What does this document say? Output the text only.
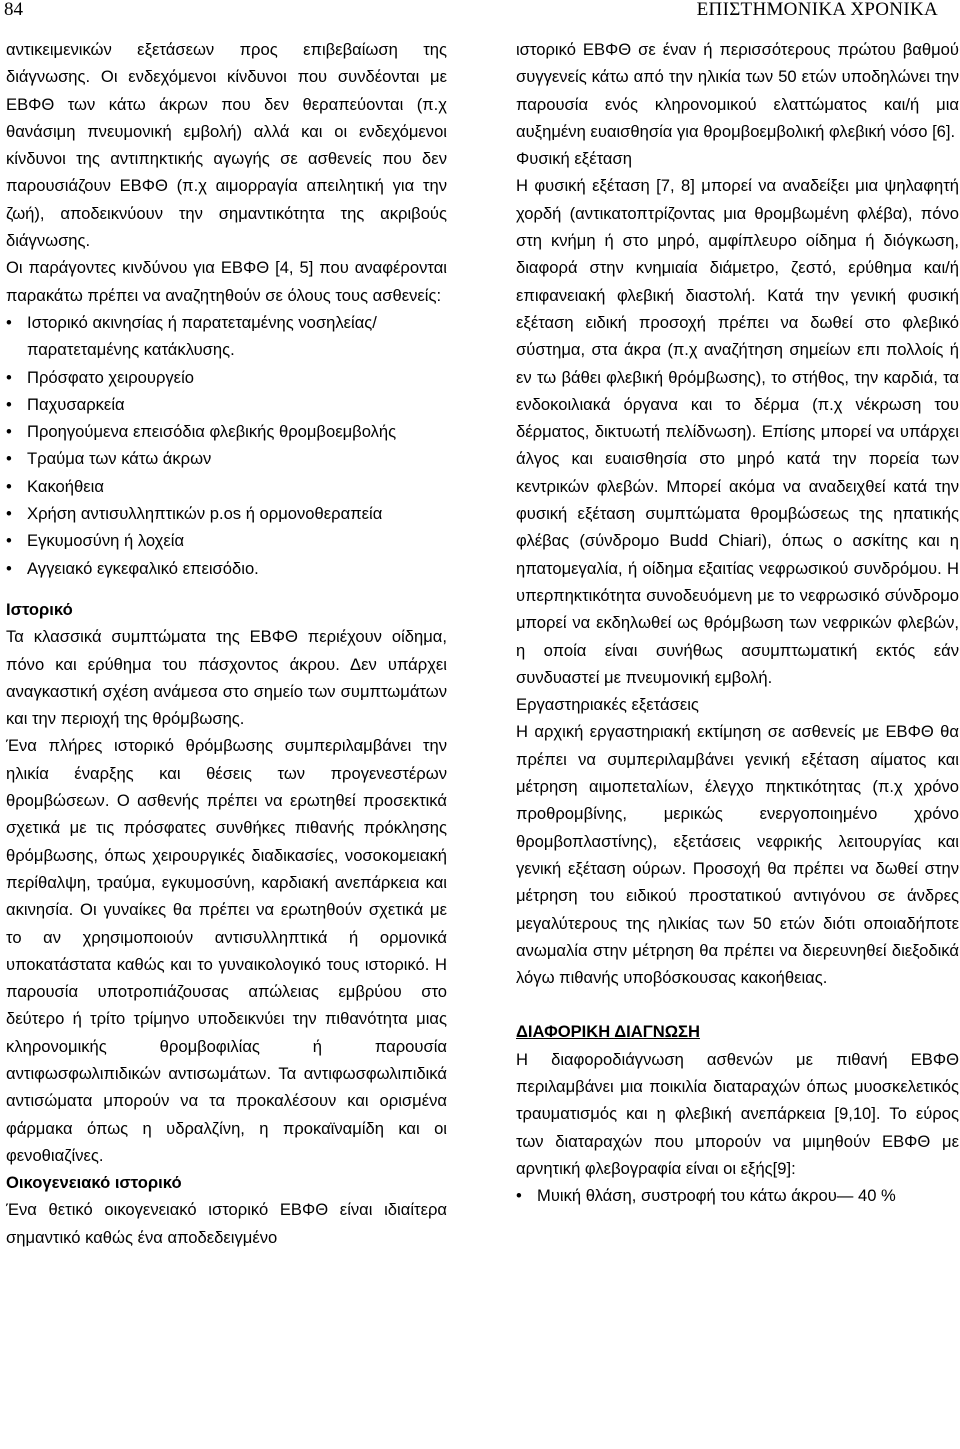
84	ΕΠΙΣΤΗΜΟΝΙΚΑ ΧΡΟΝΙΚΑ

αντικειμενικών εξετάσεων προς επιβεβαίωση της διάγνωσης. Οι ενδεχόμενοι κίνδυνοι που συνδέονται με ΕΒΦΘ των κάτω άκρων που δεν θεραπεύονται (π.χ θανάσιμη πνευμονική εμβολή) αλλά και οι ενδεχόμενοι κίνδυνοι της αντιπηκτικής αγωγής σε ασθενείς που δεν παρουσιάζουν ΕΒΦΘ (π.χ αιμορραγία απειλητική για την ζωή), αποδεικνύουν την σημαντικότητα της ακριβούς διάγνωσης.

Οι παράγοντες κινδύνου για ΕΒΦΘ [4, 5] που αναφέρονται παρακάτω πρέπει να αναζητηθούν σε όλους τους ασθενείς:

• Ιστορικό ακινησίας ή παρατεταμένης νοσηλείας/παρατεταμένης κατάκλυσης.
• Πρόσφατο χειρουργείο
• Παχυσαρκεία
• Προηγούμενα επεισόδια φλεβικής θρομβοεμβολής
• Τραύμα των κάτω άκρων
• Κακοήθεια
• Χρήση αντισυλληπτικών p.os ή ορμονοθεραπεία
• Εγκυμοσύνη ή λοχεία
• Αγγειακό εγκεφαλικό επεισόδιο.

Ιστορικό

Τα κλασσικά συμπτώματα της ΕΒΦΘ περιέχουν οίδημα, πόνο και ερύθημα του πάσχοντος άκρου. Δεν υπάρχει αναγκαστική σχέση ανάμεσα στο σημείο των συμπτωμάτων και την περιοχή της θρόμβωσης.

Ένα πλήρες ιστορικό θρόμβωσης συμπεριλαμβάνει την ηλικία έναρξης και θέσεις των προγενεστέρων θρομβώσεων. Ο ασθενής πρέπει να ερωτηθεί προσεκτικά σχετικά με τις πρόσφατες συνθήκες πιθανής πρόκλησης θρόμβωσης, όπως χειρουργικές διαδικασίες, νοσοκομειακή περίθαλψη, τραύμα, εγκυμοσύνη, καρδιακή ανεπάρκεια και ακινησία. Οι γυναίκες θα πρέπει να ερωτηθούν σχετικά με το αν χρησιμοποιούν αντισυλληπτικά ή ορμονικά υποκατάστατα καθώς και το γυναικολογικό τους ιστορικό. Η παρουσία υποτροπιάζουσας απώλειας εμβρύου στο δεύτερο ή τρίτο τρίμηνο υποδεικνύει την πιθανότητα μιας κληρονομικής θρομβοφιλίας ή παρουσία αντιφωσφωλιπιδικών αντισωμάτων. Τα αντιφωσφωλιπιδικά αντισώματα μπορούν να τα προκαλέσουν και ορισμένα φάρμακα όπως η υδραλζίνη, η προκαϊναμίδη και οι φενοθιαζίνες.

Οικογενειακό ιστορικό

Ένα θετικό οικογενειακό ιστορικό ΕΒΦΘ είναι ιδιαίτερα σημαντικό καθώς ένα αποδεδειγμένο

ιστορικό ΕΒΦΘ σε έναν ή περισσότερους πρώτου βαθμού συγγενείς κάτω από την ηλικία των 50 ετών υποδηλώνει την παρουσία ενός κληρονομικού ελαττώματος και/ή μια αυξημένη ευαισθησία για θρομβοεμβολική φλεβική νόσο [6].

Φυσική εξέταση

Η φυσική εξέταση [7, 8] μπορεί να αναδείξει μια ψηλαφητή χορδή (αντικατοπτρίζοντας μια θρομβωμένη φλέβα), πόνο στη κνήμη ή στο μηρό, αμφίπλευρο οίδημα ή διόγκωση, διαφορά στην κνημιαία διάμετρο, ζεστό, ερύθημα και/ή επιφανειακή φλεβική διαστολή. Κατά την γενική φυσική εξέταση ειδική προσοχή πρέπει να δωθεί στο φλεβικό σύστημα, στα άκρα (π.χ αναζήτηση σημείων επι πολλοίς ή εν τω βάθει φλεβική θρόμβωσης), το στήθος, την καρδιά, τα ενδοκοιλιακά όργανα και το δέρμα (π.χ νέκρωση του δέρματος, δικτυωτή πελίδνωση). Επίσης μπορεί να υπάρχει άλγος και ευαισθησία στο μηρό κατά την πορεία των κεντρικών φλεβών. Μπορεί ακόμα να αναδειχθεί κατά την φυσική εξέταση συμπτώματα θρομβώσεως της ηπατικής φλέβας (σύνδρομο Budd Chiari), όπως ο ασκίτης και η ηπατομεγαλία, ή οίδημα εξαιτίας νεφρωσικού συνδρόμου. Η υπερπηκτικότητα συνοδευόμενη με το νεφρωσικό σύνδρομο μπορεί να εκδηλωθεί ως θρόμβωση των νεφρικών φλεβών, η οποία είναι συνήθως ασυμπτωματική εκτός εάν συνδυαστεί με πνευμονική εμβολή.

Εργαστηριακές εξετάσεις

Η αρχική εργαστηριακή εκτίμηση σε ασθενείς με ΕΒΦΘ θα πρέπει να συμπεριλαμβάνει γενική εξέταση αίματος και μέτρηση αιμοπεταλίων, έλεγχο πηκτικότητας (π.χ χρόνο προθρομβίνης, μερικώς ενεργοποιημένο χρόνο θρομβοπλαστίνης), εξετάσεις νεφρικής λειτουργίας και γενική εξέταση ούρων. Προσοχή θα πρέπει να δωθεί στην μέτρηση του ειδικού προστατικού αντιγόνου σε άνδρες μεγαλύτερους της ηλικίας των 50 ετών διότι οποιαδήποτε ανωμαλία στην μέτρηση θα πρέπει να διερευνηθεί διεξοδικά λόγω πιθανής υποβόσκουσας κακοήθειας.

ΔΙΑΦΟΡΙΚΗ ΔΙΑΓΝΩΣΗ

Η διαφοροδιάγνωση ασθενών με πιθανή ΕΒΦΘ περιλαμβάνει μια ποικιλία διαταραχών όπως μυοσκελετικός τραυματισμός και η φλεβική ανεπάρκεια [9,10]. Το εύρος των διαταραχών που μπορούν να μιμηθούν ΕΒΦΘ με αρνητική φλεβογραφία είναι οι εξής[9]:

• Μυική θλάση, συστροφή του κάτω άκρου— 40 %
